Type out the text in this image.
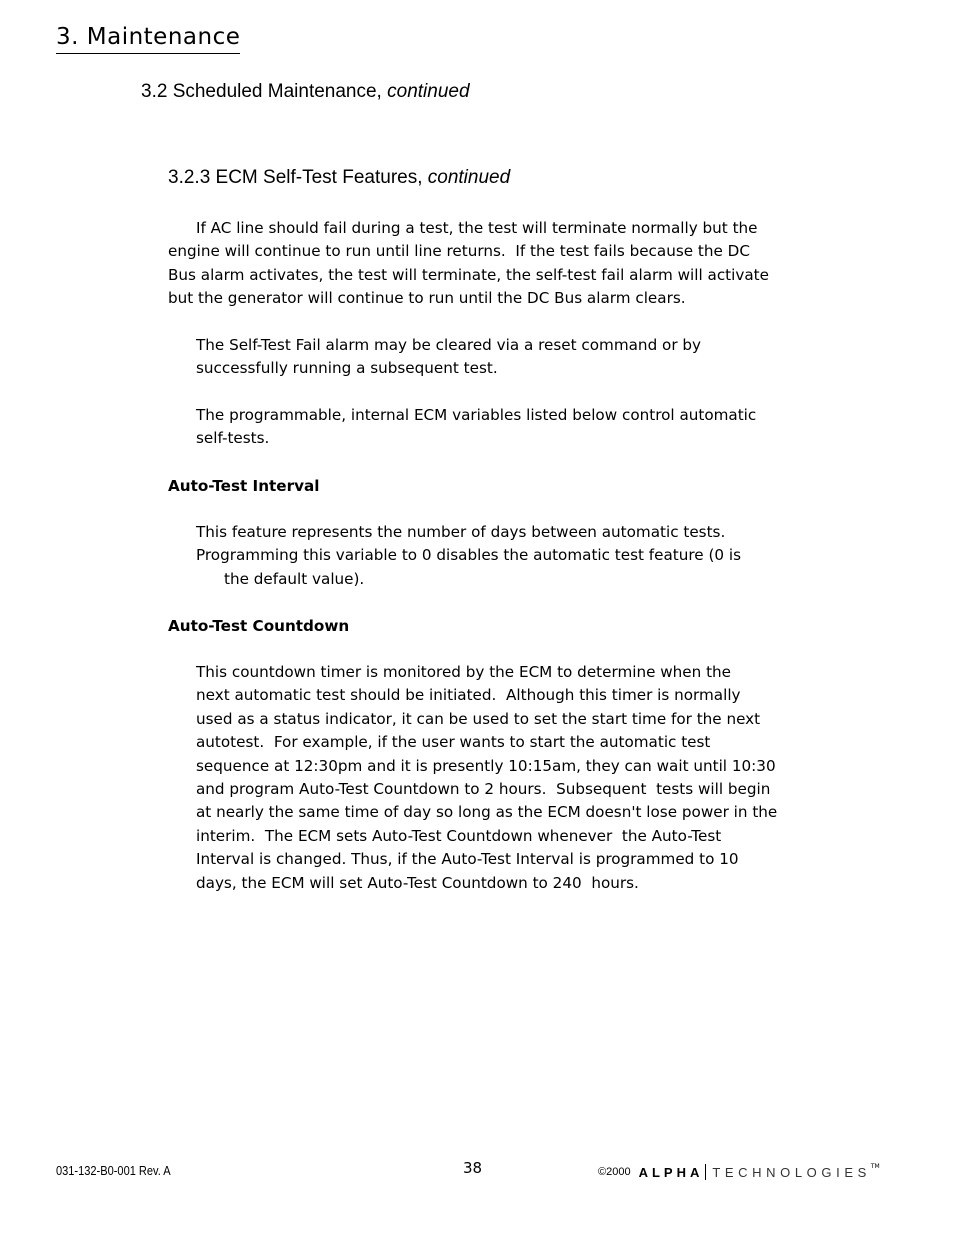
3. Maintenance
3.2 Scheduled Maintenance, continued
3.2.3 ECM Self-Test Features, continued
If AC line should fail during a test, the test will terminate normally but the
engine will continue to run until line returns.  If the test fails because the DC
Bus alarm activates, the test will terminate, the self-test fail alarm will activate
but the generator will continue to run until the DC Bus alarm clears.
The Self-Test Fail alarm may be cleared via a reset command or by
successfully running a subsequent test.
The programmable, internal ECM variables listed below control automatic
self-tests.
Auto-Test Interval
This feature represents the number of days between automatic tests.
Programming this variable to 0 disables the automatic test feature (0 is
the default value).
Auto-Test Countdown
This countdown timer is monitored by the ECM to determine when the
next automatic test should be initiated.  Although this timer is normally
used as a status indicator, it can be used to set the start time for the next
autotest.  For example, if the user wants to start the automatic test
sequence at 12:30pm and it is presently 10:15am, they can wait until 10:30
and program Auto-Test Countdown to 2 hours.  Subsequent  tests will begin
at nearly the same time of day so long as the ECM doesn't lose power in the
interim.  The ECM sets Auto-Test Countdown whenever  the Auto-Test
Interval is changed. Thus, if the Auto-Test Interval is programmed to 10
days, the ECM will set Auto-Test Countdown to 240  hours.
031-132-B0-001 Rev. A	38	©2000 ALPHA TECHNOLOGIES TM
